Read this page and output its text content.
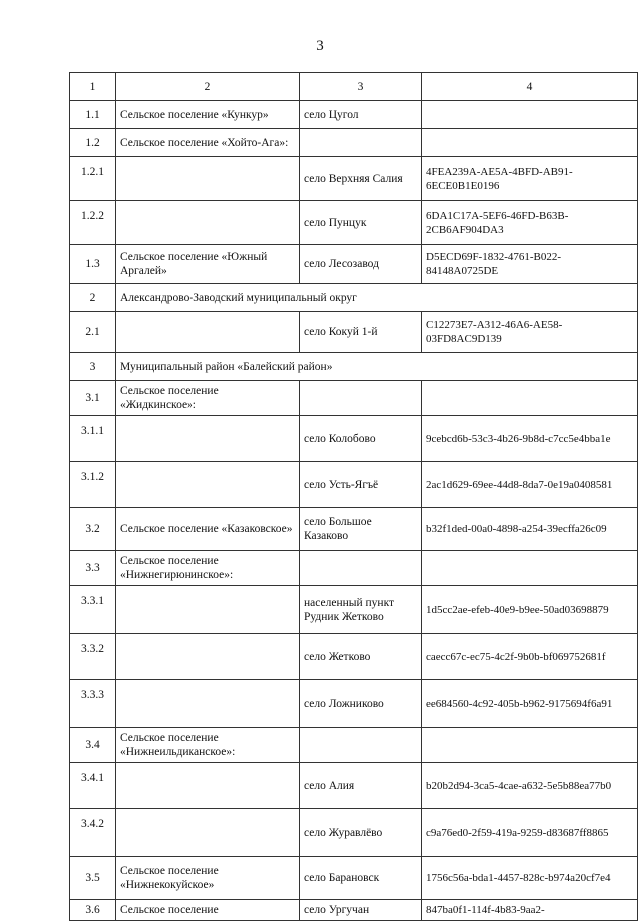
3
1	2	3	4
1.1	Сельское поселение «Кункур»	село Цугол	
1.2	Сельское поселение «Хойто-Ага»:		
1.2.1		село Верхняя Салия	4FEA239A-AE5A-4BFD-AB91-6ECE0B1E0196
1.2.2		село Пунцук	6DA1C17A-5EF6-46FD-B63B-2CB6AF904DA3
1.3	Сельское поселение «Южный Аргалей»	село Лесозавод	D5ECD69F-1832-4761-B022-84148A0725DE
2	Александрово-Заводский муниципальный округ		
2.1		село Кокуй 1-й	C12273E7-A312-46A6-AE58-03FD8AC9D139
3	Муниципальный район «Балейский район»		
3.1	Сельское поселение «Жидкинское»:		
3.1.1		село Колобово	9cebcd6b-53c3-4b26-9b8d-c7cc5e4bba1e
3.1.2		село Усть-Ягъё	2ac1d629-69ee-44d8-8da7-0e19a0408581
3.2	Сельское поселение «Казаковское»	село Большое Казаково	b32f1ded-00a0-4898-a254-39ecffa26c09
3.3	Сельское поселение «Нижнегирюнинское»:		
3.3.1		населенный пункт Рудник Жетково	1d5cc2ae-efeb-40e9-b9ee-50ad03698879
3.3.2		село Жетково	caecc67c-ec75-4c2f-9b0b-bf069752681f
3.3.3		село Ложниково	ee684560-4c92-405b-b962-9175694f6a91
3.4	Сельское поселение «Нижнеильдиканское»:		
3.4.1		село Алия	b20b2d94-3ca5-4cae-a632-5e5b88ea77b0
3.4.2		село Журавлёво	c9a76ed0-2f59-419a-9259-d83687ff8865
3.5	Сельское поселение «Нижнекокуйское»	село Барановск	1756c56a-bda1-4457-828c-b974a20cf7e4
3.6	Сельское поселение	село Ургучан	847ba0f1-114f-4b83-9aa2-
